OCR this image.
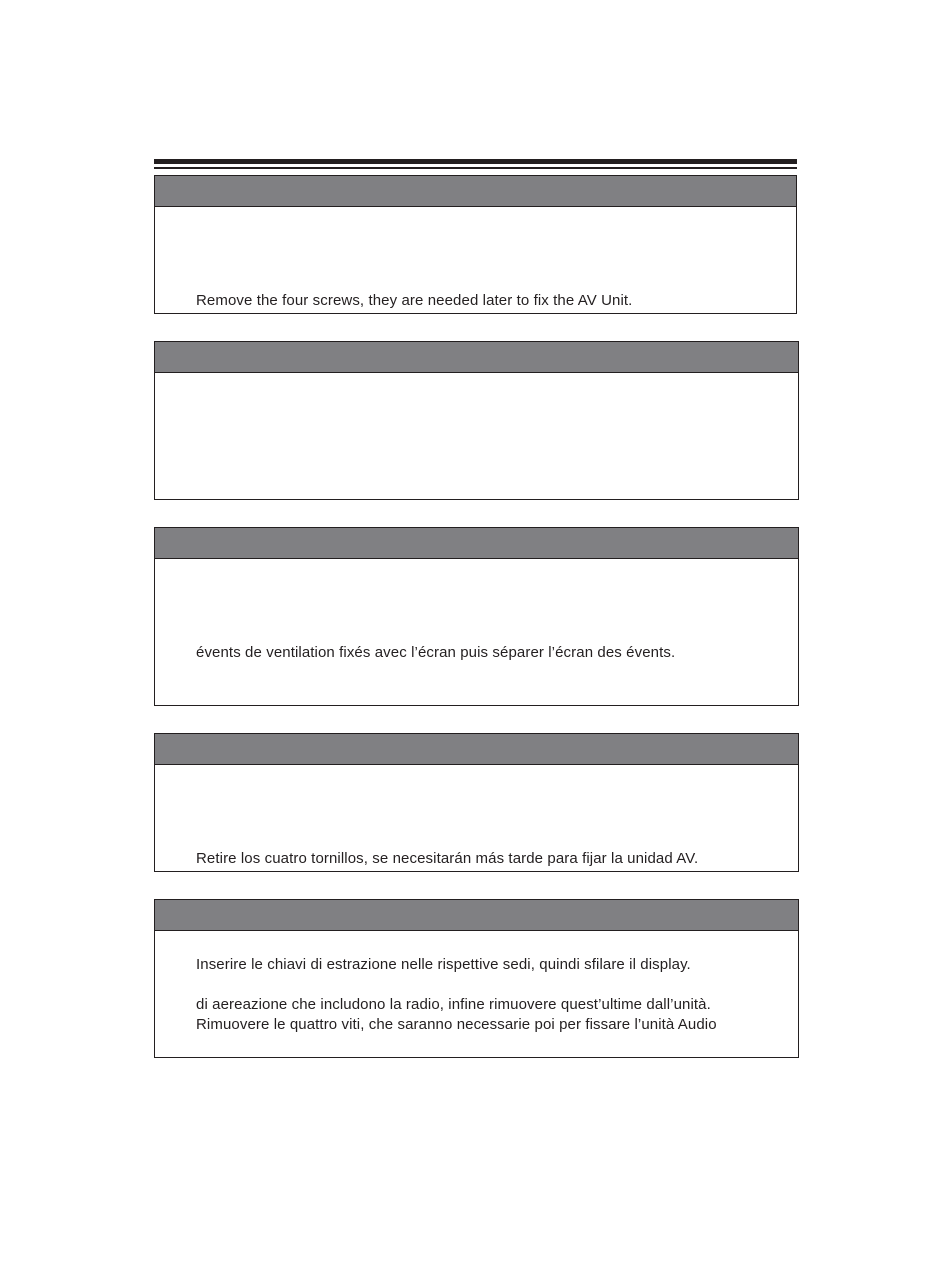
Remove the four screws, they are needed later to fix the AV Unit.
évents de ventilation fixés avec l’écran puis séparer l’écran des évents.
Retire los cuatro tornillos, se necesitarán más tarde para fijar la unidad AV.
Inserire le chiavi di estrazione nelle rispettive sedi, quindi sfilare il display.
di aereazione che includono la radio, infine rimuovere quest’ultime dall’unità.
Rimuovere le quattro viti, che saranno necessarie poi per fissare l’unità Audio
